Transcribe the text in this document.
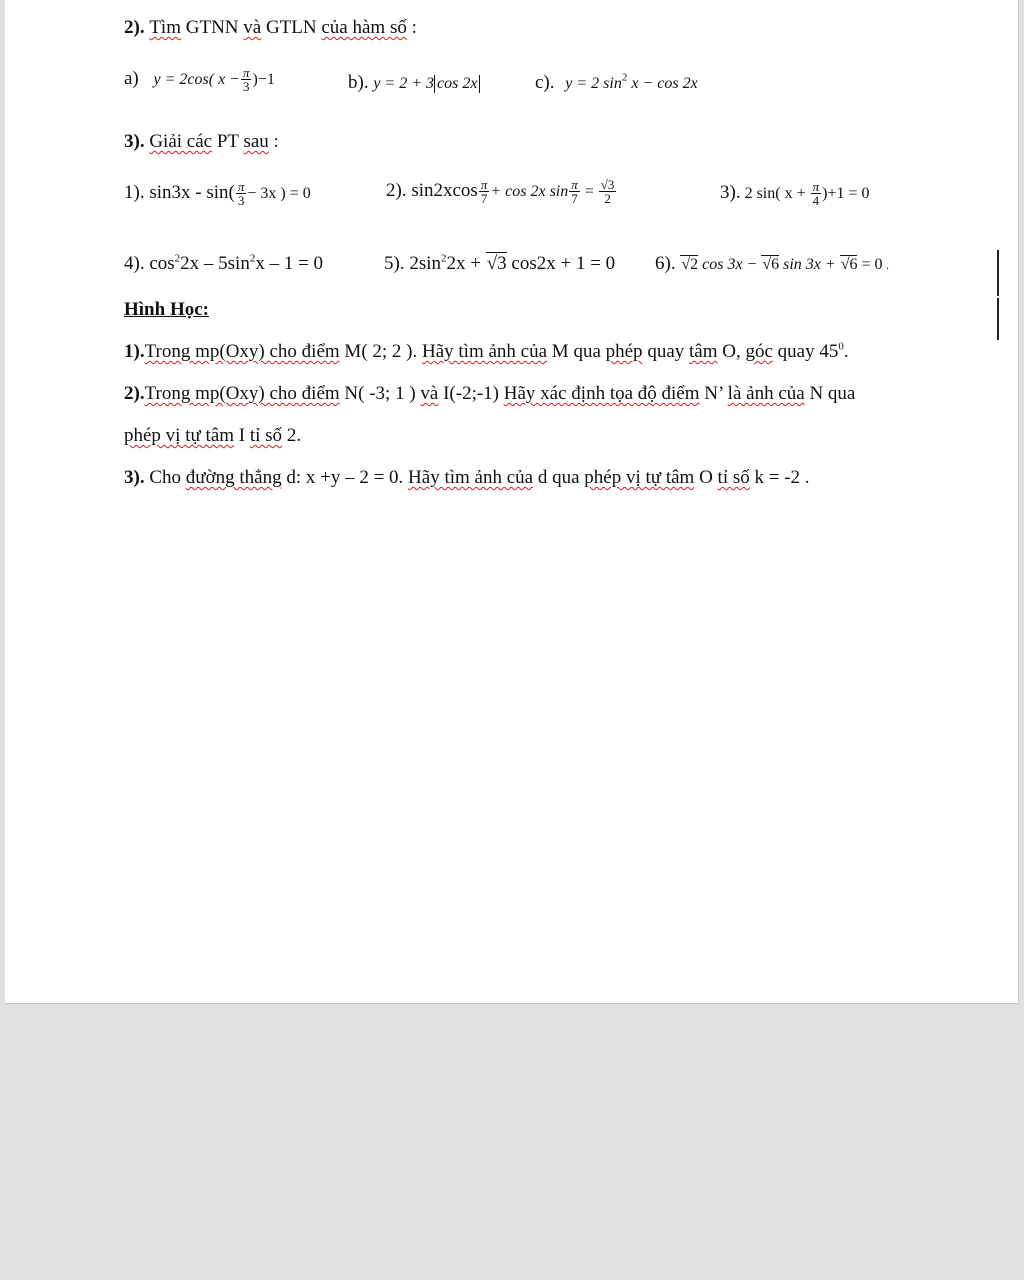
2). Tìm GTNN và GTLN của hàm số :
a) y = 2cos( $x - \frac{\pi}{3} )-1$	b). y = 2 + 3 cos 2x	c). y = 2 $\sin^2 x - \cos 2x$
3). Giải các PT sau :
1). $\sin 3x - \sin( \frac{\pi}{3} - 3x$ ) = 0	2). $\sin 2xcos \frac{\pi}{7} + \cos 2x$ $\sin \frac{\pi}{7} = \frac{√3}{2}$	3). 2 sin( $x + \frac{\pi}{4} )+1 = 0$
4). $\cos^22x - 5\sin^2x - 1 = 0$	5). $2\sin^22x + √3$ cos2x + 1 = 0 6). √2 cos 3x − √6 sin 3x + √6 = 0 .
Hình Học:
1).Trong mp(Oxy) cho điểm M( 2; 2 ). Hãy tìm ảnh của M qua phép quay tâm O, góc quay $45^0$.
2).Trong mp(Oxy) cho điểm N( -3; 1 ) và I(-2;-1) Hãy xác định tọa độ điểm N’ là ảnh của N qua
phép vị tự tâm I tỉ số 2.
3). Cho đường thẳng d: x +y – 2 = 0. Hãy tìm ảnh của d qua phép vị tự tâm O tỉ số k = -2 .
